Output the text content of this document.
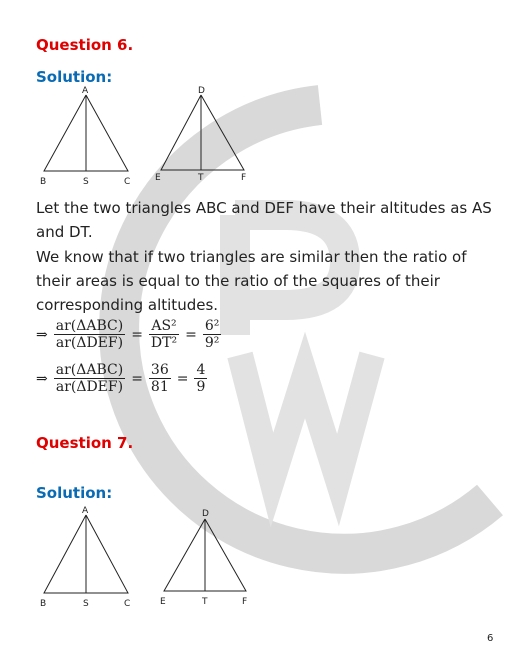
Question 6.
Solution:
A
B	S	C
D
E	T	F
Let the two triangles ABC and DEF have their altitudes as AS and DT.
We know that if two triangles are similar then the ratio of their areas is equal to the ratio of the squares of their corresponding altitudes.
⇒ $\frac{\text{ar(ΔABC)}}{\text{ar(ΔDEF)}} = \frac{\text{AS²}}{\text{DT²}} = \frac{\text{6²}}{\text{9²}}$
⇒ $\frac{\text{ar(ΔABC)}}{\text{ar(ΔDEF)}} = \frac{36}{81} = \frac{4}{9}$
Question 7.
Solution:
A
B	S	C
D
E	T	F
6
